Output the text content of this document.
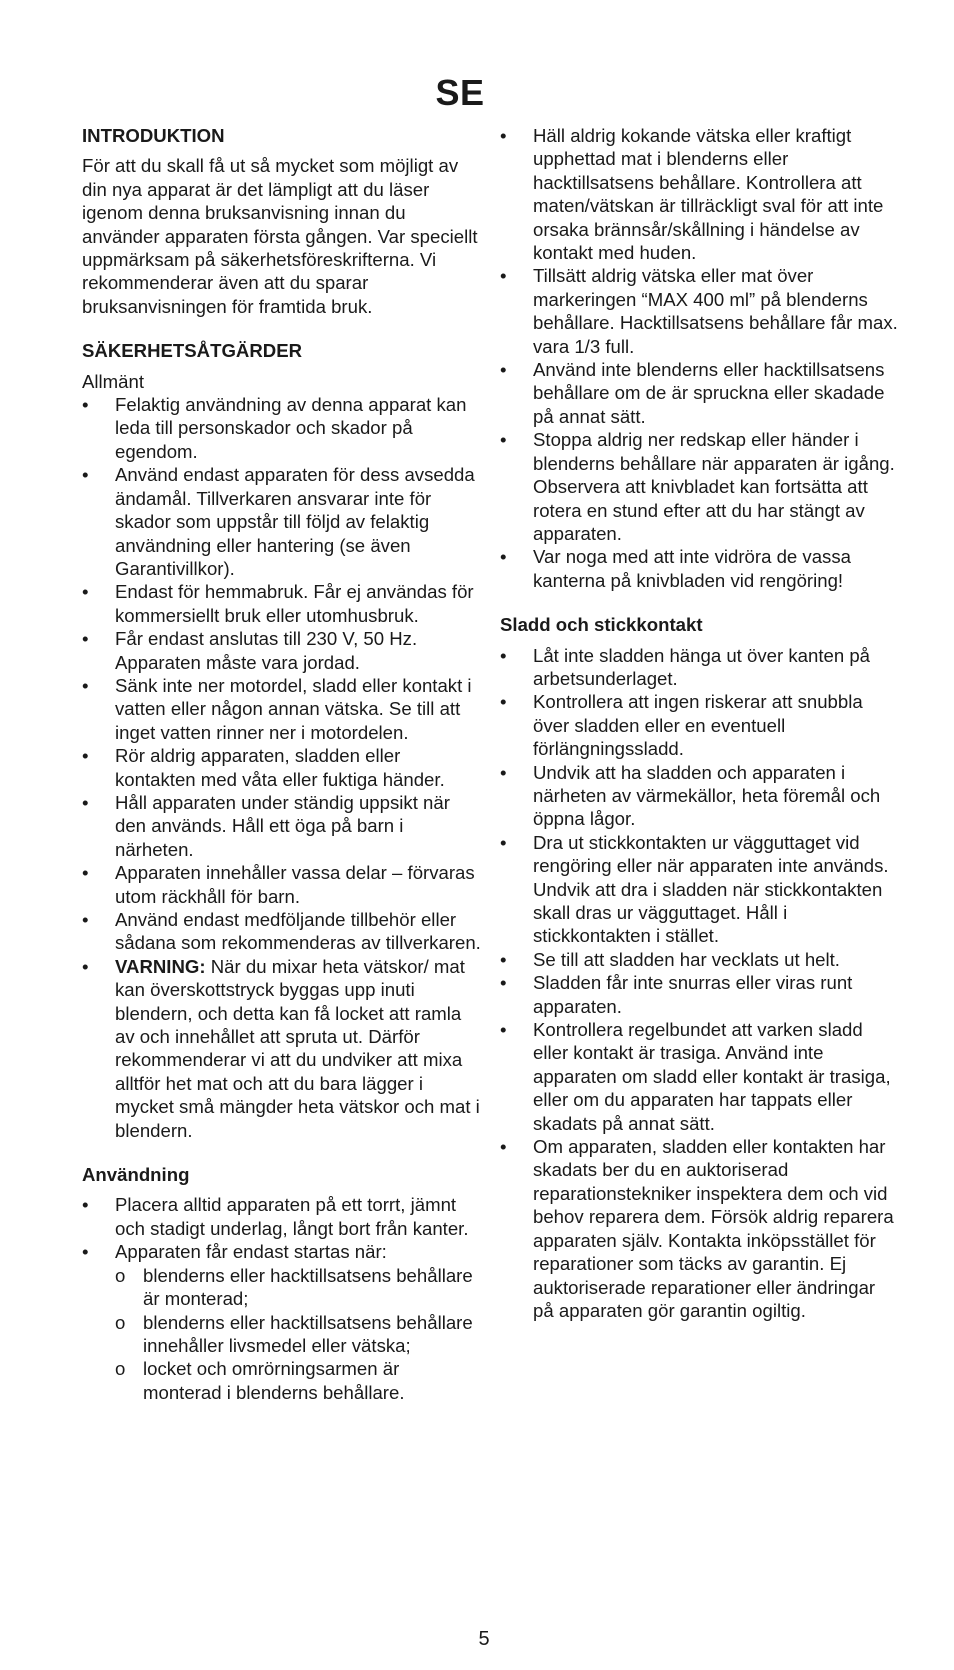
SE

INTRODUKTION

För att du skall få ut så mycket som möjligt av din nya apparat är det lämpligt att du läser igenom denna bruksanvisning innan du använder apparaten första gången. Var speciellt uppmärksam på säkerhetsföreskrifterna. Vi rekommenderar även att du sparar bruksanvisningen för framtida bruk.

SÄKERHETSÅTGÄRDER

Allmänt

• Felaktig användning av denna apparat kan leda till personskador och skador på egendom.
• Använd endast apparaten för dess avsedda ändamål. Tillverkaren ansvarar inte för skador som uppstår till följd av felaktig användning eller hantering (se även Garantivillkor).
• Endast för hemmabruk. Får ej användas för kommersiellt bruk eller utomhusbruk.
• Får endast anslutas till 230 V, 50 Hz. Apparaten måste vara jordad.
• Sänk inte ner motordel, sladd eller kontakt i vatten eller någon annan vätska. Se till att inget vatten rinner ner i motordelen.
• Rör aldrig apparaten, sladden eller kontakten med våta eller fuktiga händer.
• Håll apparaten under ständig uppsikt när den används. Håll ett öga på barn i närheten.
• Apparaten innehåller vassa delar – förvaras utom räckhåll för barn.
• Använd endast medföljande tillbehör eller sådana som rekommenderas av tillverkaren.
• VARNING: När du mixar heta vätskor/ mat kan överskottstryck byggas upp inuti blendern, och detta kan få locket att ramla av och innehållet att spruta ut. Därför rekommenderar vi att du undviker att mixa alltför het mat och att du bara lägger i mycket små mängder heta vätskor och mat i blendern.

Användning

• Placera alltid apparaten på ett torrt, jämnt och stadigt underlag, långt bort från kanter.
• Apparaten får endast startas när:
o blenderns eller hacktillsatsens behållare är monterad;
o blenderns eller hacktillsatsens behållare innehåller livsmedel eller vätska;
o locket och omrörningsarmen är monterad i blenderns behållare.
• Häll aldrig kokande vätska eller kraftigt upphettad mat i blenderns eller hacktillsatsens behållare. Kontrollera att maten/vätskan är tillräckligt sval för att inte orsaka brännsår/skållning i händelse av kontakt med huden.
• Tillsätt aldrig vätska eller mat över markeringen “MAX 400 ml” på blenderns behållare. Hacktillsatsens behållare får max. vara 1/3 full.
• Använd inte blenderns eller hacktillsatsens behållare om de är spruckna eller skadade på annat sätt.
• Stoppa aldrig ner redskap eller händer i blenderns behållare när apparaten är igång. Observera att knivbladet kan fortsätta att rotera en stund efter att du har stängt av apparaten.
• Var noga med att inte vidröra de vassa kanterna på knivbladen vid rengöring!

Sladd och stickkontakt

• Låt inte sladden hänga ut över kanten på arbetsunderlaget.
• Kontrollera att ingen riskerar att snubbla över sladden eller en eventuell förlängningssladd.
• Undvik att ha sladden och apparaten i närheten av värmekällor, heta föremål och öppna lågor.
• Dra ut stickkontakten ur vägguttaget vid rengöring eller när apparaten inte används. Undvik att dra i sladden när stickkontakten skall dras ur vägguttaget. Håll i stickkontakten i stället.
• Se till att sladden har vecklats ut helt.
• Sladden får inte snurras eller viras runt apparaten.
• Kontrollera regelbundet att varken sladd eller kontakt är trasiga. Använd inte apparaten om sladd eller kontakt är trasiga, eller om du apparaten har tappats eller skadats på annat sätt.
• Om apparaten, sladden eller kontakten har skadats ber du en auktoriserad reparationstekniker inspektera dem och vid behov reparera dem. Försök aldrig reparera apparaten själv. Kontakta inköpsstället för reparationer som täcks av garantin. Ej auktoriserade reparationer eller ändringar på apparaten gör garantin ogiltig.
5
